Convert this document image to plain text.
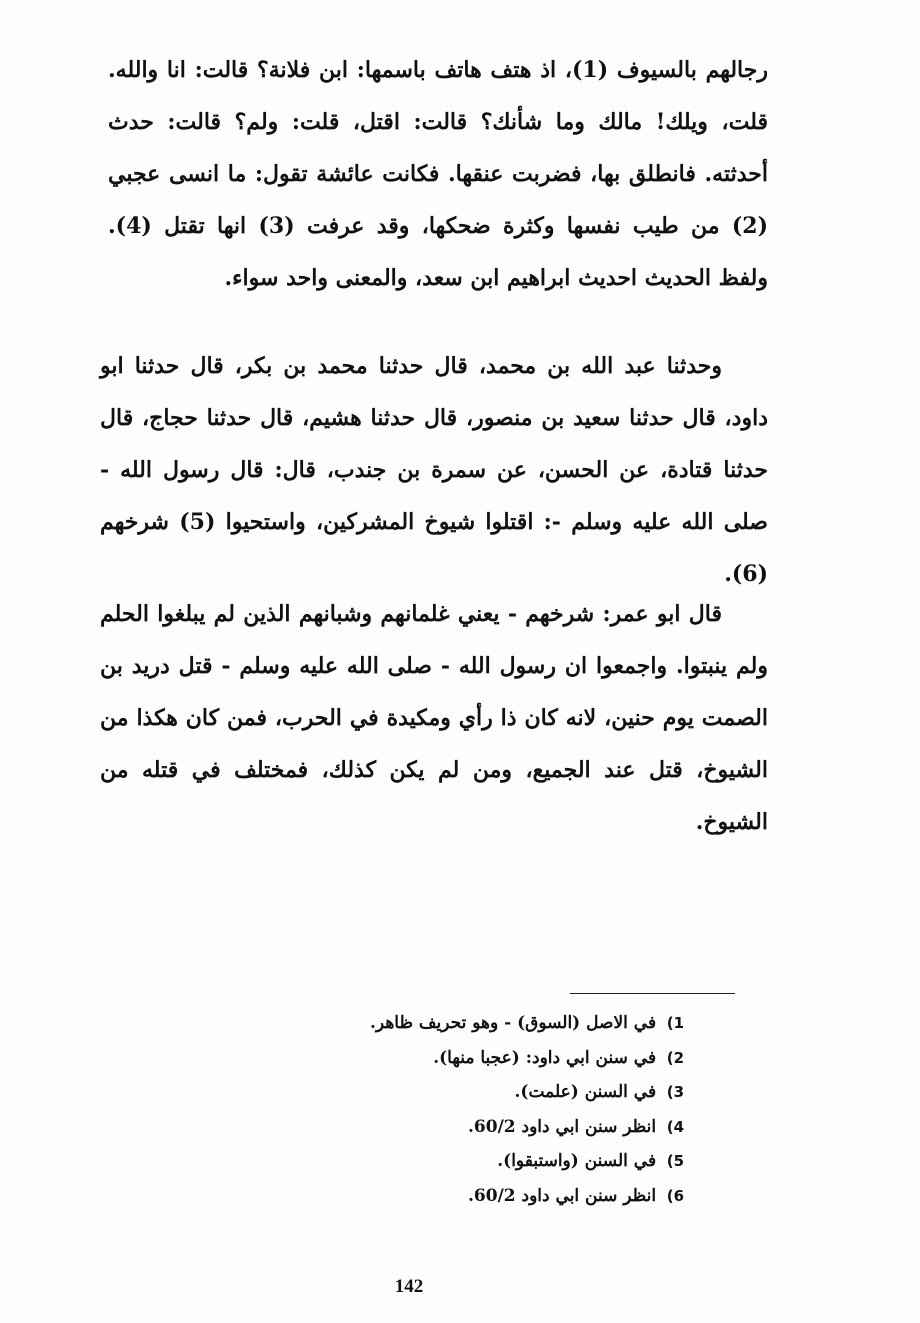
رجالهم بالسيوف (1)، اذ هتف هاتف باسمها: ابن فلانة؟ قالت: انا والله. قلت، ويلك! مالك وما شأنك؟ قالت: اقتل، قلت: ولم؟ قالت: حدث أحدثته. فانطلق بها، فضربت عنقها. فكانت عائشة تقول: ما انسى عجبي (2) من طيب نفسها وكثرة ضحكها، وقد عرفت (3) انها تقتل (4). ولفظ الحديث احديث ابراهيم ابن سعد، والمعنى واحد سواء.

وحدثنا عبد الله بن محمد، قال حدثنا محمد بن بكر، قال حدثنا ابو داود، قال حدثنا سعيد بن منصور، قال حدثنا هشيم، قال حدثنا حجاج، قال حدثنا قتادة، عن الحسن، عن سمرة بن جندب، قال: قال رسول الله - صلى الله عليه وسلم -: اقتلوا شيوخ المشركين، واستحيوا (5) شرخهم (6).

قال ابو عمر: شرخهم - يعني غلمانهم وشبانهم الذين لم يبلغوا الحلم ولم ينبتوا. واجمعوا ان رسول الله - صلى الله عليه وسلم - قتل دريد بن الصمت يوم حنين، لانه كان ذا رأي ومكيدة في الحرب، فمن كان هكذا من الشيوخ، قتل عند الجميع، ومن لم يكن كذلك، فمختلف في قتله من الشيوخ.

1) في الاصل (السوق) - وهو تحريف ظاهر.
2) في سنن ابي داود: (عجبا منها).
3) في السنن (علمت).
4) انظر سنن ابي داود 60/2.
5) في السنن (واستبقوا).
6) انظر سنن ابي داود 60/2.
142
